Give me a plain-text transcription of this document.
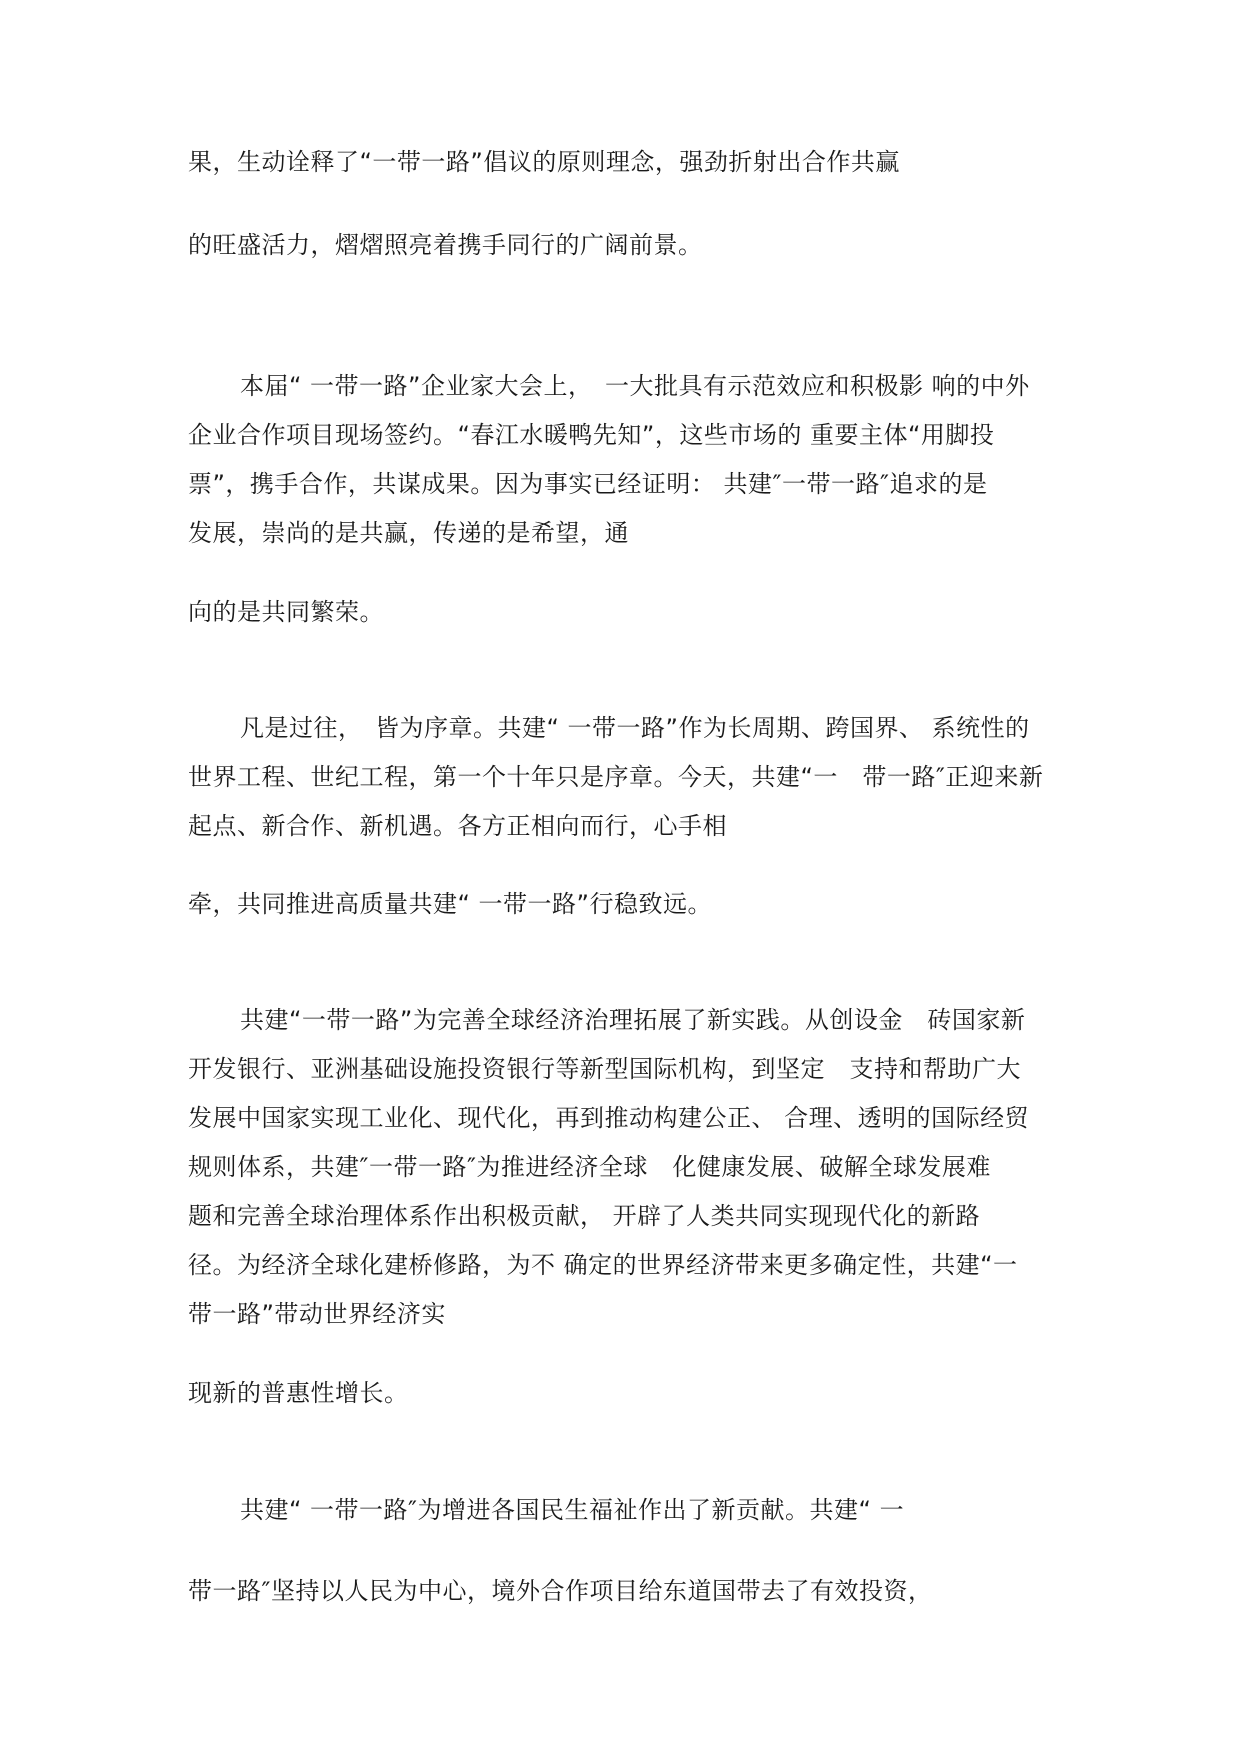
果，生动诠释了“一带一路”倡议的原则理念，强劲折射出合作共赢
的旺盛活力，熠熠照亮着携手同行的广阔前景。
本届“ 一带一路”企业家大会上，　一大批具有示范效应和积极影 响的中外
企业合作项目现场签约。“春江水暖鸭先知”，这些市场的 重要主体“用脚投
票”，携手合作，共谋成果。因为事实已经证明： 共建″一带一路″追求的是
发展，崇尚的是共赢，传递的是希望，通
向的是共同繁荣。
凡是过往，　皆为序章。共建“ 一带一路”作为长周期、跨国界、 系统性的
世界工程、世纪工程，第一个十年只是序章。今天，共建“一　带一路″正迎来新
起点、新合作、新机遇。各方正相向而行，心手相
牵，共同推进高质量共建“ 一带一路”行稳致远。
共建“一带一路”为完善全球经济治理拓展了新实践。从创设金　砖国家新
开发银行、亚洲基础设施投资银行等新型国际机构，到坚定　支持和帮助广大
发展中国家实现工业化、现代化，再到推动构建公正、 合理、透明的国际经贸
规则体系，共建″一带一路″为推进经济全球　化健康发展、破解全球发展难
题和完善全球治理体系作出积极贡献， 开辟了人类共同实现现代化的新路
径。为经济全球化建桥修路，为不 确定的世界经济带来更多确定性，共建“一
带一路”带动世界经济实
现新的普惠性增长。
共建“ 一带一路″为增进各国民生福祉作出了新贡献。共建“ 一
带一路″坚持以人民为中心，境外合作项目给东道国带去了有效投资，
